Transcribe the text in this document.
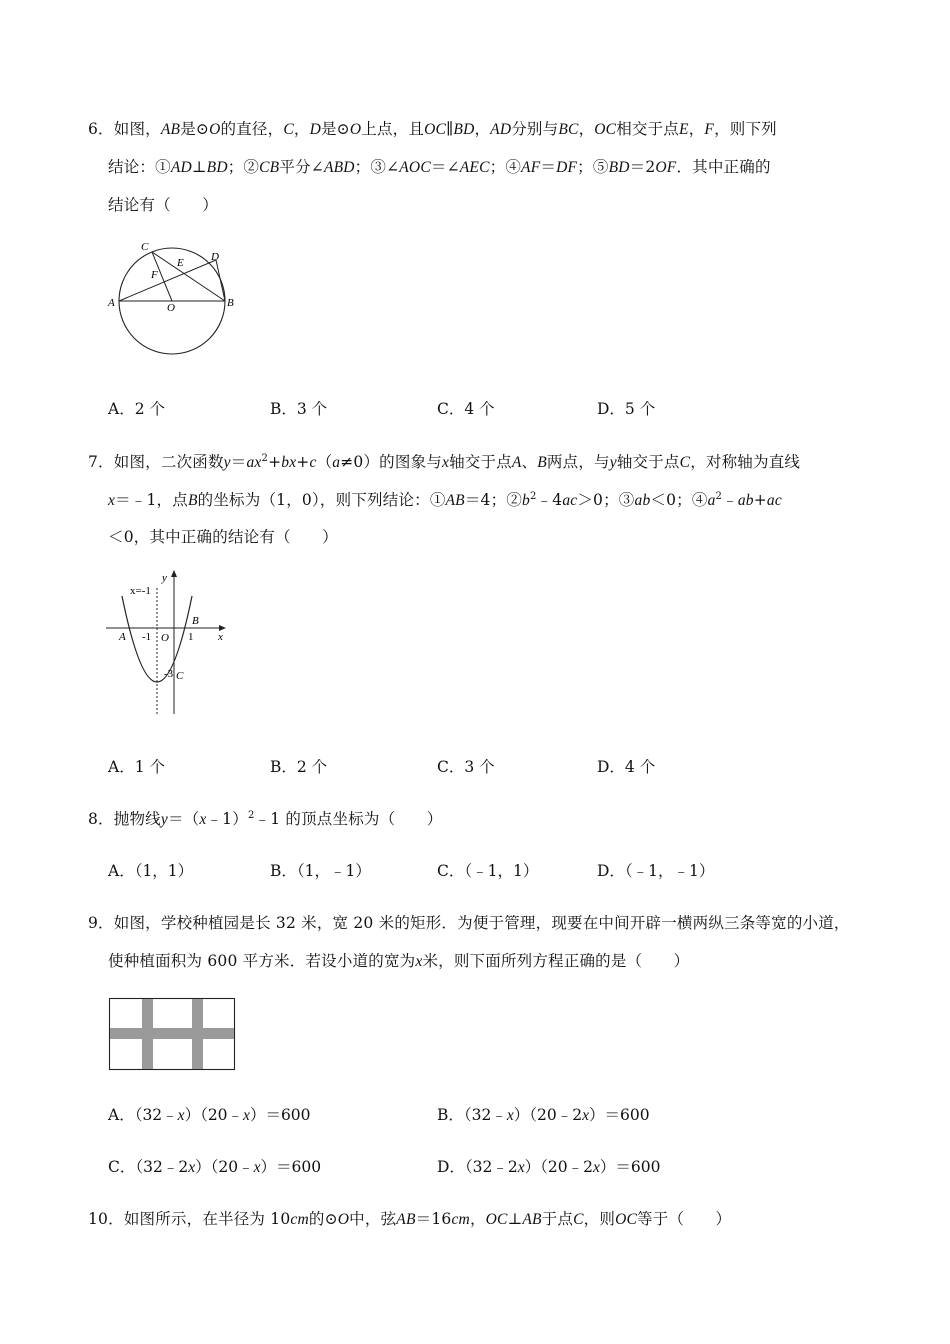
6．如图，AB是⊙O的直径，C，D是⊙O上点，且OC∥BD，AD分别与BC，OC相交于点E，F，则下列
结论：①AD⊥BD；②CB平分∠ABD；③∠AOC＝∠AEC；④AF＝DF；⑤BD＝2OF．其中正确的
结论有（　　）
C
D
E
F
A	B
O
A．2 个	B．3 个	C．4 个	D．5 个
7．如图，二次函数$y=ax^2+bx+c(a\ne 0)$的图象与x轴交于点A、B两点，与y轴交于点C，对称轴为直线
x＝﹣1，点B的坐标为（1，0），则下列结论：①AB＝4；$②b^2﹣4ac>0$；③ab＜0；$④a^2﹣ab+ac$
＜0，其中正确的结论有（　　）
x=-1
y
x
A -1 O
B
1
-3 C
A．1 个	B．2 个	C．3 个	D．4 个
8．抛物线y＝（x﹣1）$^2$﹣1 的顶点坐标为（　　）
A．（1，1）	B．（1，﹣1）	C．（﹣1，1）	D．（﹣1，﹣1）
9．如图，学校种植园是长 32 米，宽 20 米的矩形．为便于管理，现要在中间开辟一横两纵三条等宽的小道，
使种植面积为 600 平方米．若设小道的宽为x米，则下面所列方程正确的是（　　）
A．（32﹣x）（20﹣x）＝600	B．（32﹣x）（20﹣2x）＝600
C．（32﹣2x）（20﹣x）＝600	D．（32﹣2x）（20﹣2x）＝600
10．如图所示，在半径为 10cm的⊙O中，弦AB＝16cm，OC⊥AB于点C，则OC等于（　　）
